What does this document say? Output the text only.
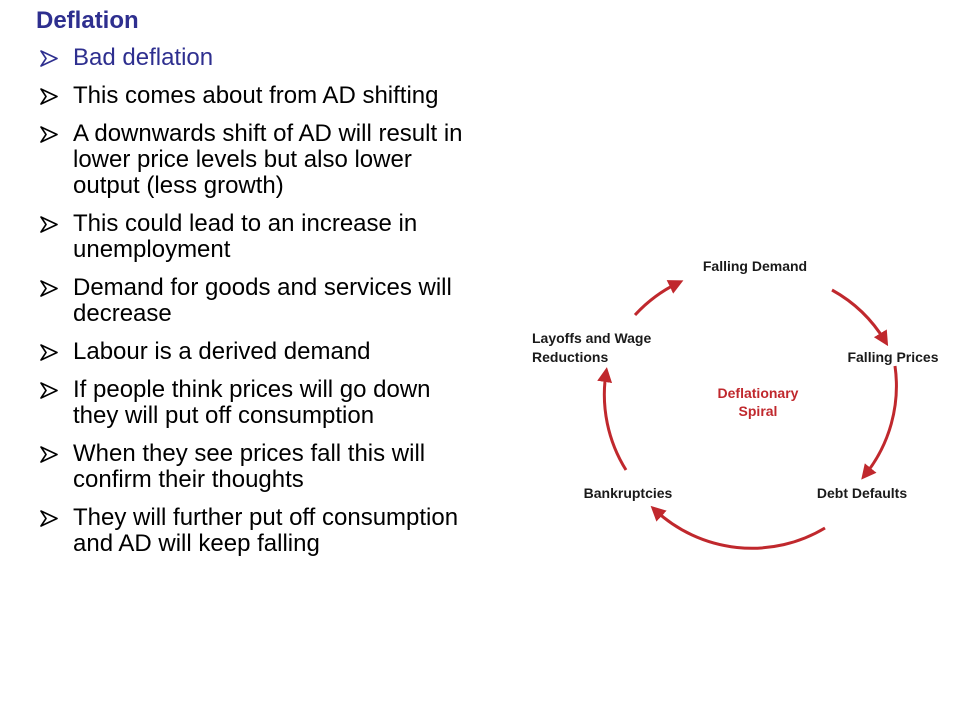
Deflation
Bad deflation
This comes about from AD shifting
A downwards shift of AD will result in
lower price levels but also lower
output (less growth)
This could lead to an increase in
unemployment
Demand for goods and services will
decrease
Labour is a derived demand
If people think prices will go down
they will put off consumption
When they see prices fall this will
confirm their thoughts
They will further put off consumption
and AD will keep falling
Falling Demand
Falling Prices
Debt Defaults
Bankruptcies
Layoffs and Wage
Reductions
Deflationary
Spiral
